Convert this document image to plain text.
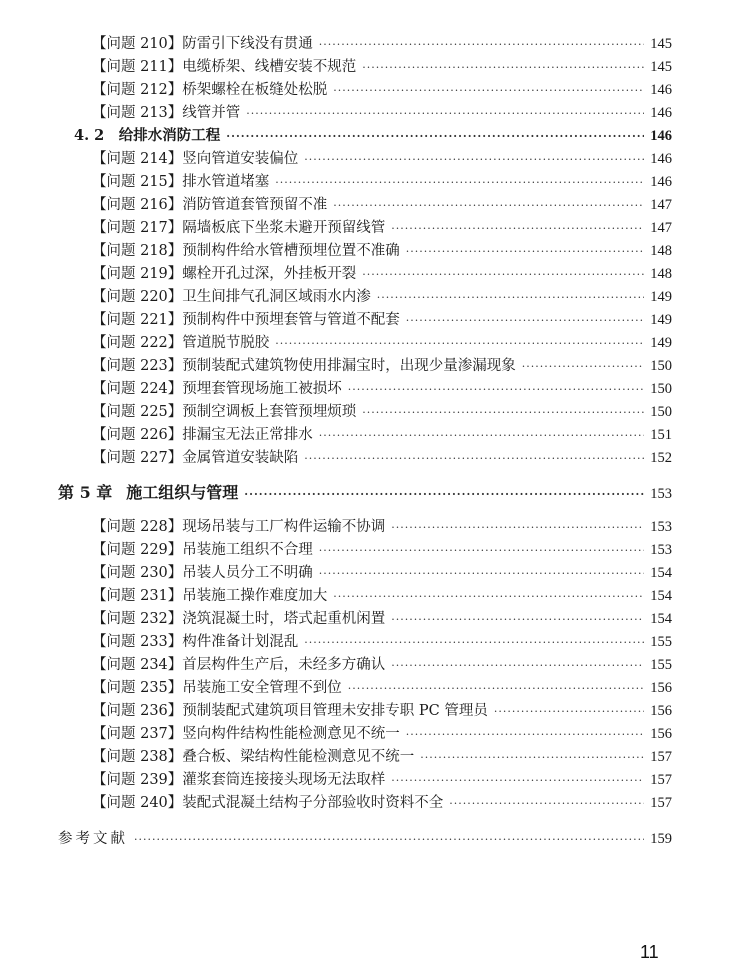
【问题 210】防雷引下线没有贯通 ·····	145
【问题 211】电缆桥架、线槽安装不规范 ·····	145
【问题 212】桥架螺栓在板缝处松脱 ·····	146
【问题 213】线管并管 ·····	146
4. 2　给排水消防工程 ·····	146
【问题 214】竖向管道安装偏位 ·····	146
【问题 215】排水管道堵塞 ·····	146
【问题 216】消防管道套管预留不准 ·····	147
【问题 217】隔墙板底下坐浆未避开预留线管 ·····	147
【问题 218】预制构件给水管槽预埋位置不准确 ·····	148
【问题 219】螺栓开孔过深，外挂板开裂 ·····	148
【问题 220】卫生间排气孔洞区域雨水内渗 ·····	149
【问题 221】预制构件中预埋套管与管道不配套 ·····	149
【问题 222】管道脱节脱胶 ·····	149
【问题 223】预制装配式建筑物使用排漏宝时，出现少量渗漏现象 ·····	150
【问题 224】预埋套管现场施工被损坏 ·····	150
【问题 225】预制空调板上套管预埋烦琐 ·····	150
【问题 226】排漏宝无法正常排水 ·····	151
【问题 227】金属管道安装缺陷 ·····	152
第 5 章 施工组织与管理 ·····	153
【问题 228】现场吊装与工厂构件运输不协调 ·····	153
【问题 229】吊装施工组织不合理 ·····	153
【问题 230】吊装人员分工不明确 ·····	154
【问题 231】吊装施工操作难度加大 ·····	154
【问题 232】浇筑混凝土时，塔式起重机闲置 ·····	154
【问题 233】构件准备计划混乱 ·····	155
【问题 234】首层构件生产后，未经多方确认 ·····	155
【问题 235】吊装施工安全管理不到位 ·····	156
【问题 236】预制装配式建筑项目管理未安排专职 PC 管理员 ·····	156
【问题 237】竖向构件结构性能检测意见不统一 ·····	156
【问题 238】叠合板、梁结构性能检测意见不统一 ·····	157
【问题 239】灌浆套筒连接接头现场无法取样 ·····	157
【问题 240】装配式混凝土结构子分部验收时资料不全 ·····	157
参考文献 ·····	159
11
